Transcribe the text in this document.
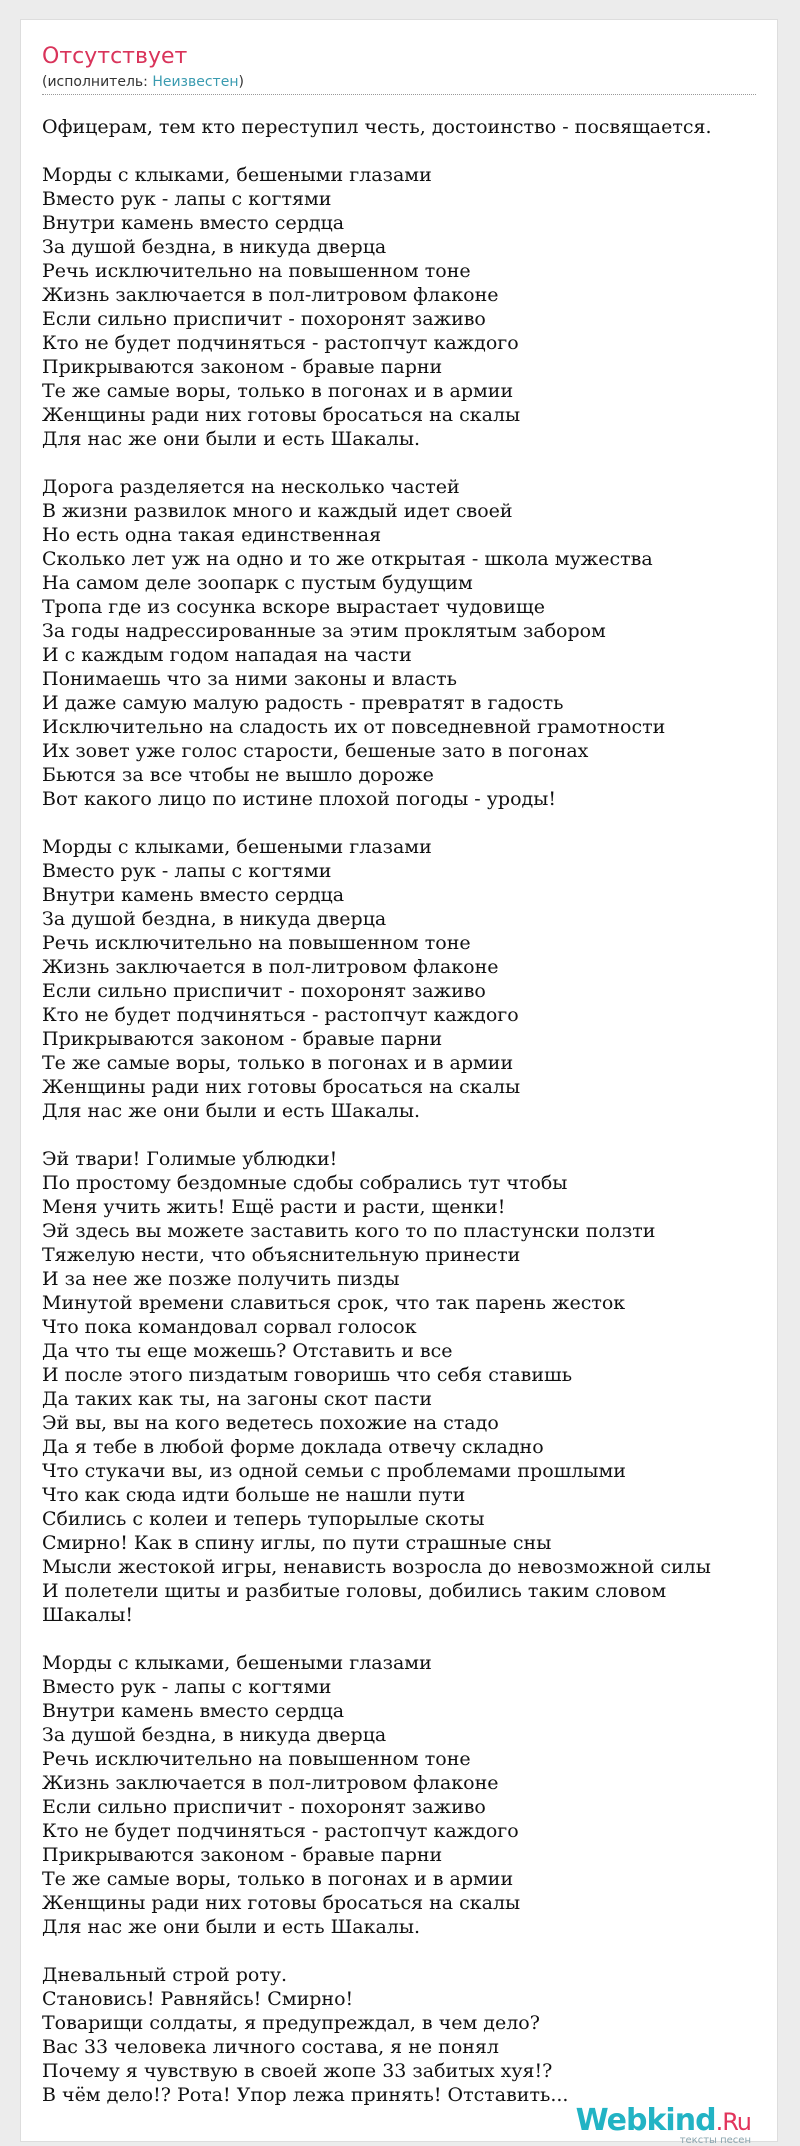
Отсутствует
(исполнитель: Неизвестен)
Офицерам, тем кто переступил честь, достоинство - посвящается.
Морды с клыками, бешеными глазами
Вместо рук - лапы с когтями
Внутри камень вместо сердца
За душой бездна, в никуда дверца
Речь исключительно на повышенном тоне
Жизнь заключается в пол-литровом флаконе
Если сильно приспичит - похоронят заживо
Кто не будет подчиняться - растопчут каждого
Прикрываются законом - бравые парни
Те же самые воры, только в погонах и в армии
Женщины ради них готовы бросаться на скалы
Для нас же они были и есть Шакалы.
Дорога разделяется на несколько частей
В жизни развилок много и каждый идет своей
Но есть одна такая единственная
Сколько лет уж на одно и то же открытая - школа мужества
На самом деле зоопарк с пустым будущим
Тропа где из сосунка вскоре вырастает чудовище
За годы надрессированные за этим проклятым забором
И с каждым годом нападая на части
Понимаешь что за ними законы и власть
И даже самую малую радость - превратят в гадость
Исключительно на сладость их от повседневной грамотности
Их зовет уже голос старости, бешеные зато в погонах
Бьются за все чтобы не вышло дороже
Вот какого лицо по истине плохой погоды - уроды!
Морды с клыками, бешеными глазами
Вместо рук - лапы с когтями
Внутри камень вместо сердца
За душой бездна, в никуда дверца
Речь исключительно на повышенном тоне
Жизнь заключается в пол-литровом флаконе
Если сильно приспичит - похоронят заживо
Кто не будет подчиняться - растопчут каждого
Прикрываются законом - бравые парни
Те же самые воры, только в погонах и в армии
Женщины ради них готовы бросаться на скалы
Для нас же они были и есть Шакалы.
Эй твари! Голимые ублюдки!
По простому бездомные сдобы собрались тут чтобы
Меня учить жить! Ещё расти и расти, щенки!
Эй здесь вы можете заставить кого то по пластунски ползти
Тяжелую нести, что объяснительную принести
И за нее же позже получить пизды
Минутой времени славиться срок, что так парень жесток
Что пока командовал сорвал голосок
Да что ты еще можешь? Отставить и все
И после этого пиздатым говоришь что себя ставишь
Да таких как ты, на загоны скот пасти
Эй вы, вы на кого ведетесь похожие на стадо
Да я тебе в любой форме доклада отвечу складно
Что стукачи вы, из одной семьи с проблемами прошлыми
Что как сюда идти больше не нашли пути
Сбились с колеи и теперь тупорылые скоты
Смирно! Как в спину иглы, по пути страшные сны
Мысли жестокой игры, ненависть возросла до невозможной силы
И полетели щиты и разбитые головы, добились таким словом
Шакалы!
Морды с клыками, бешеными глазами
Вместо рук - лапы с когтями
Внутри камень вместо сердца
За душой бездна, в никуда дверца
Речь исключительно на повышенном тоне
Жизнь заключается в пол-литровом флаконе
Если сильно приспичит - похоронят заживо
Кто не будет подчиняться - растопчут каждого
Прикрываются законом - бравые парни
Те же самые воры, только в погонах и в армии
Женщины ради них готовы бросаться на скалы
Для нас же они были и есть Шакалы.
Дневальный строй роту.
Становись! Равняйсь! Смирно!
Товарищи солдаты, я предупреждал, в чем дело?
Вас 33 человека личного состава, я не понял
Почему я чувствую в своей жопе 33 забитых хуя!?
В чём дело!? Рота! Упор лежа принять! Отставить...
Webkind.Ru
тексты песен
